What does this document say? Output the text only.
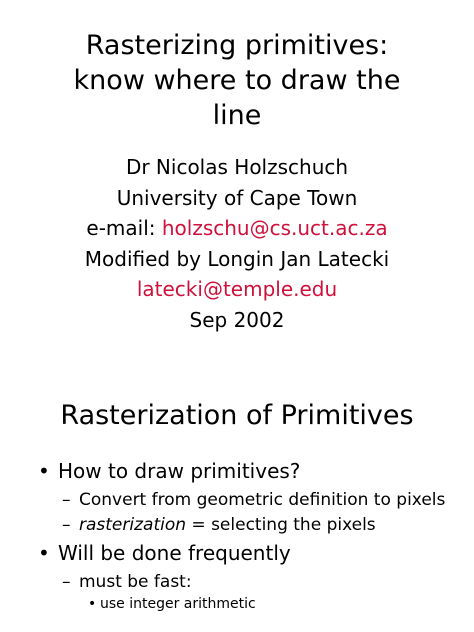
Rasterizing primitives:
know where to draw the
line
Dr Nicolas Holzschuch
University of Cape Town
e-mail: holzschu@cs.uct.ac.za
Modified by Longin Jan Latecki
latecki@temple.edu
Sep 2002
Rasterization of Primitives
• How to draw primitives?
– Convert from geometric definition to pixels
– rasterization = selecting the pixels
• Will be done frequently
– must be fast:
• use integer arithmetic
